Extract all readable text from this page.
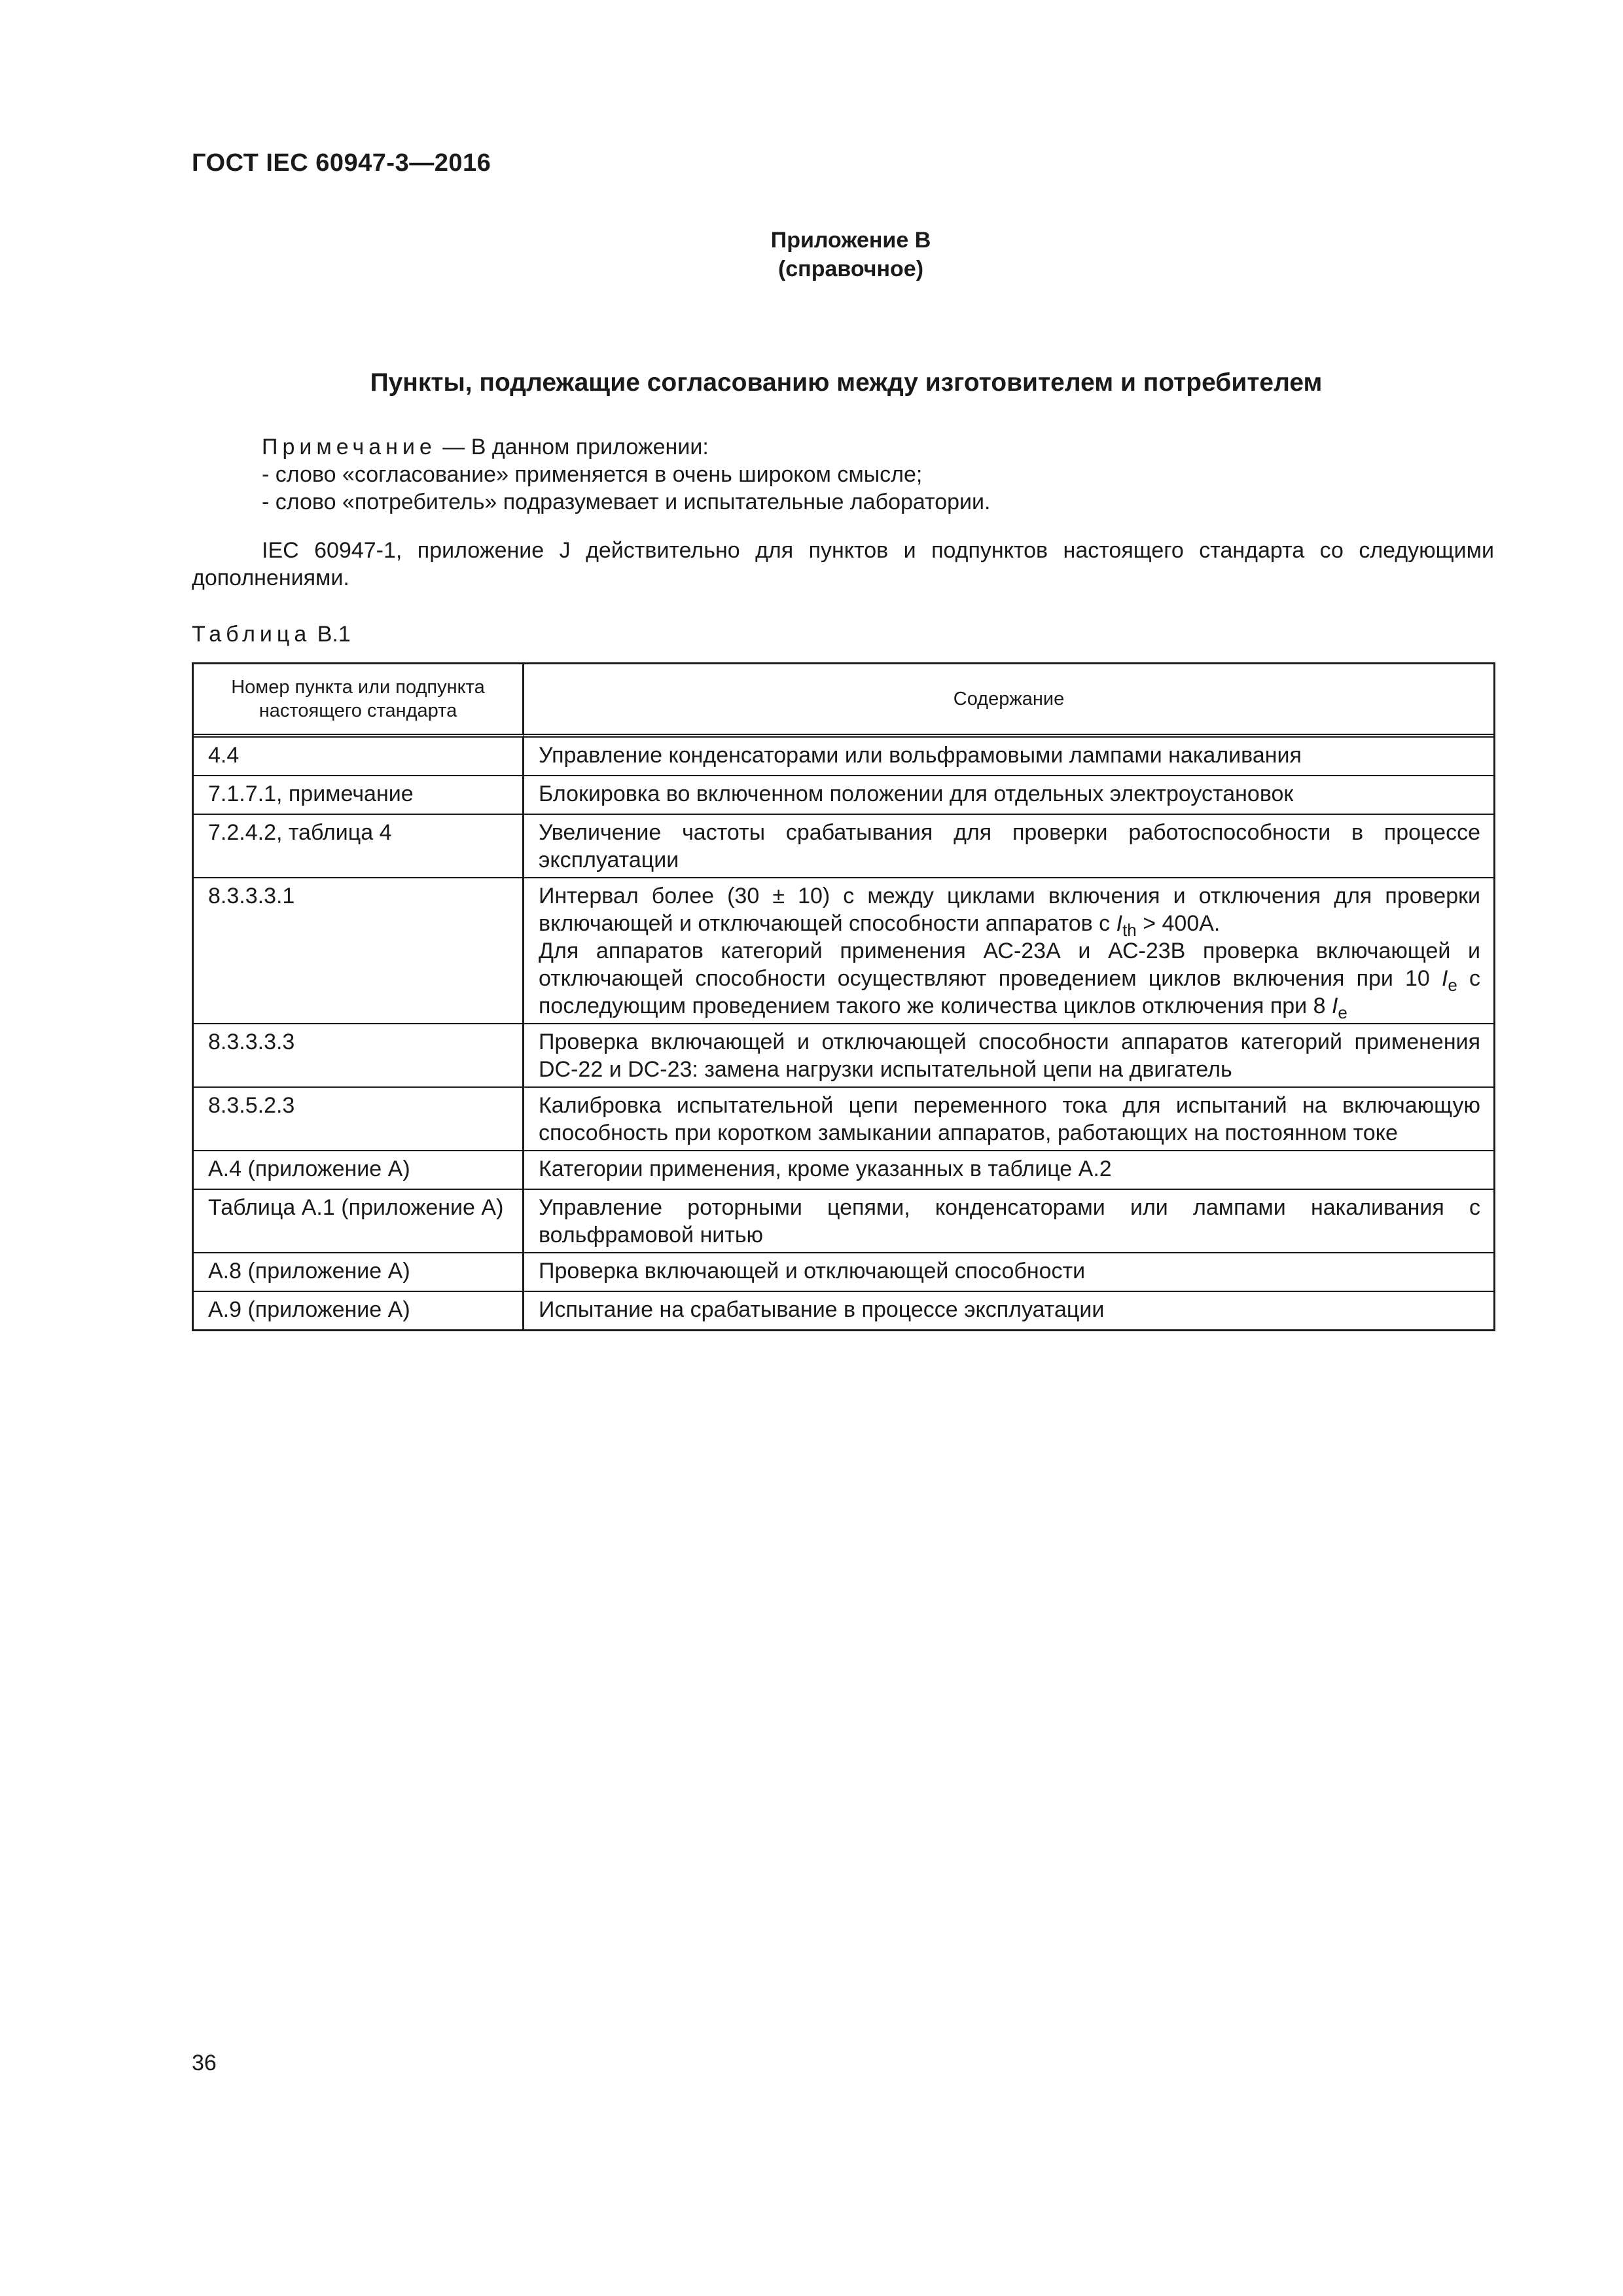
ГОСТ IEC 60947-3—2016
Приложение В
(справочное)
Пункты, подлежащие согласованию между изготовителем и потребителем
Примечание — В данном приложении:
- слово «согласование» применяется в очень широком смысле;
- слово «потребитель» подразумевает и испытательные лаборатории.
IEC 60947-1, приложение J действительно для пунктов и подпунктов настоящего стандарта со следующими дополнениями.
Таблица В.1
Номер пункта или подпункта настоящего стандарта	Содержание
4.4	Управление конденсаторами или вольфрамовыми лампами накаливания
7.1.7.1, примечание	Блокировка во включенном положении для отдельных электроустановок
7.2.4.2, таблица 4	Увеличение частоты срабатывания для проверки работоспособности в процессе эксплуатации
8.3.3.3.1	Интервал более (30 ± 10) с между циклами включения и отключения для проверки включающей и отключающей способности аппаратов с $I_{th} > 400А$.
Для аппаратов категорий применения АС-23А и АС-23В проверка включающей и отключающей способности осуществляют проведением циклов включения при 10 $I_e$ с последующим проведением такого же количества циклов отключения при 8 $I_e$
8.3.3.3.3	Проверка включающей и отключающей способности аппаратов категорий применения DC-22 и DC-23: замена нагрузки испытательной цепи на двигатель
8.3.5.2.3	Калибровка испытательной цепи переменного тока для испытаний на включающую способность при коротком замыкании аппаратов, работающих на постоянном токе
А.4 (приложение А)	Категории применения, кроме указанных в таблице А.2
Таблица А.1 (приложение А)	Управление роторными цепями, конденсаторами или лампами накаливания с вольфрамовой нитью
А.8 (приложение А)	Проверка включающей и отключающей способности
А.9 (приложение А)	Испытание на срабатывание в процессе эксплуатации
36
